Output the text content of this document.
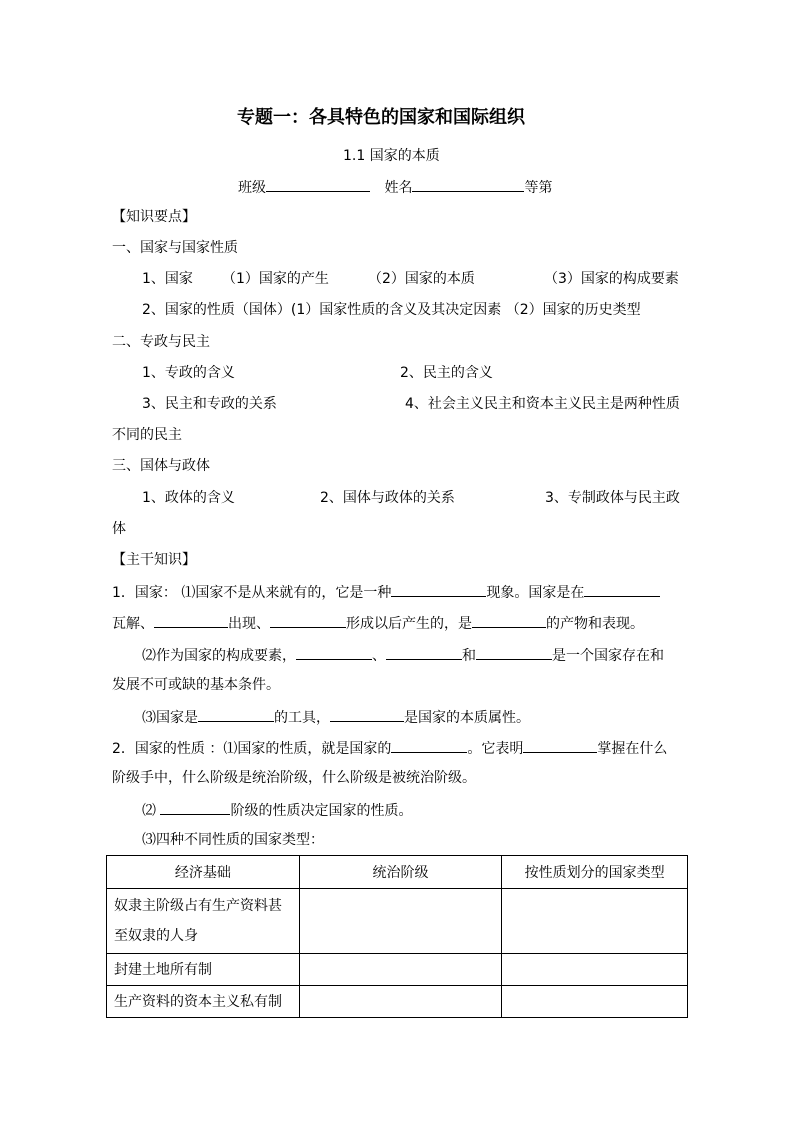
专题一：各具特色的国家和国际组织
1.1 国家的本质
班级	姓名	等第
【知识要点】
一、国家与国家性质
1、国家 （1）国家的产生	（2）国家的本质	（3）国家的构成要素
2、国家的性质（国体）(1）国家性质的含义及其决定因素 （2）国家的历史类型
二、专政与民主
1、专政的含义	2、民主的含义
3、民主和专政的关系	4、社会主义民主和资本主义民主是两种性质
不同的民主
三、国体与政体
1、政体的含义	2、国体与政体的关系	3、专制政体与民主政
体
【主干知识】
1．国家： ⑴国家不是从来就有的，它是一种	现象。国家是在
瓦解、	出现、	形成以后产生的，是	的产物和表现。
⑵作为国家的构成要素，	、	和	是一个国家存在和
发展不可或缺的基本条件。
⑶国家是	的工具，	是国家的本质属性。
2．国家的性质 ：⑴国家的性质，就是国家的	。它表明	掌握在什么
阶级手中，什么阶级是统治阶级，什么阶级是被统治阶级。
⑵	阶级的性质决定国家的性质。
⑶四种不同性质的国家类型：
经济基础	统治阶级	按性质划分的国家类型
奴隶主阶级占有生产资料甚至奴隶的人身		
封建土地所有制		
生产资料的资本主义私有制		
